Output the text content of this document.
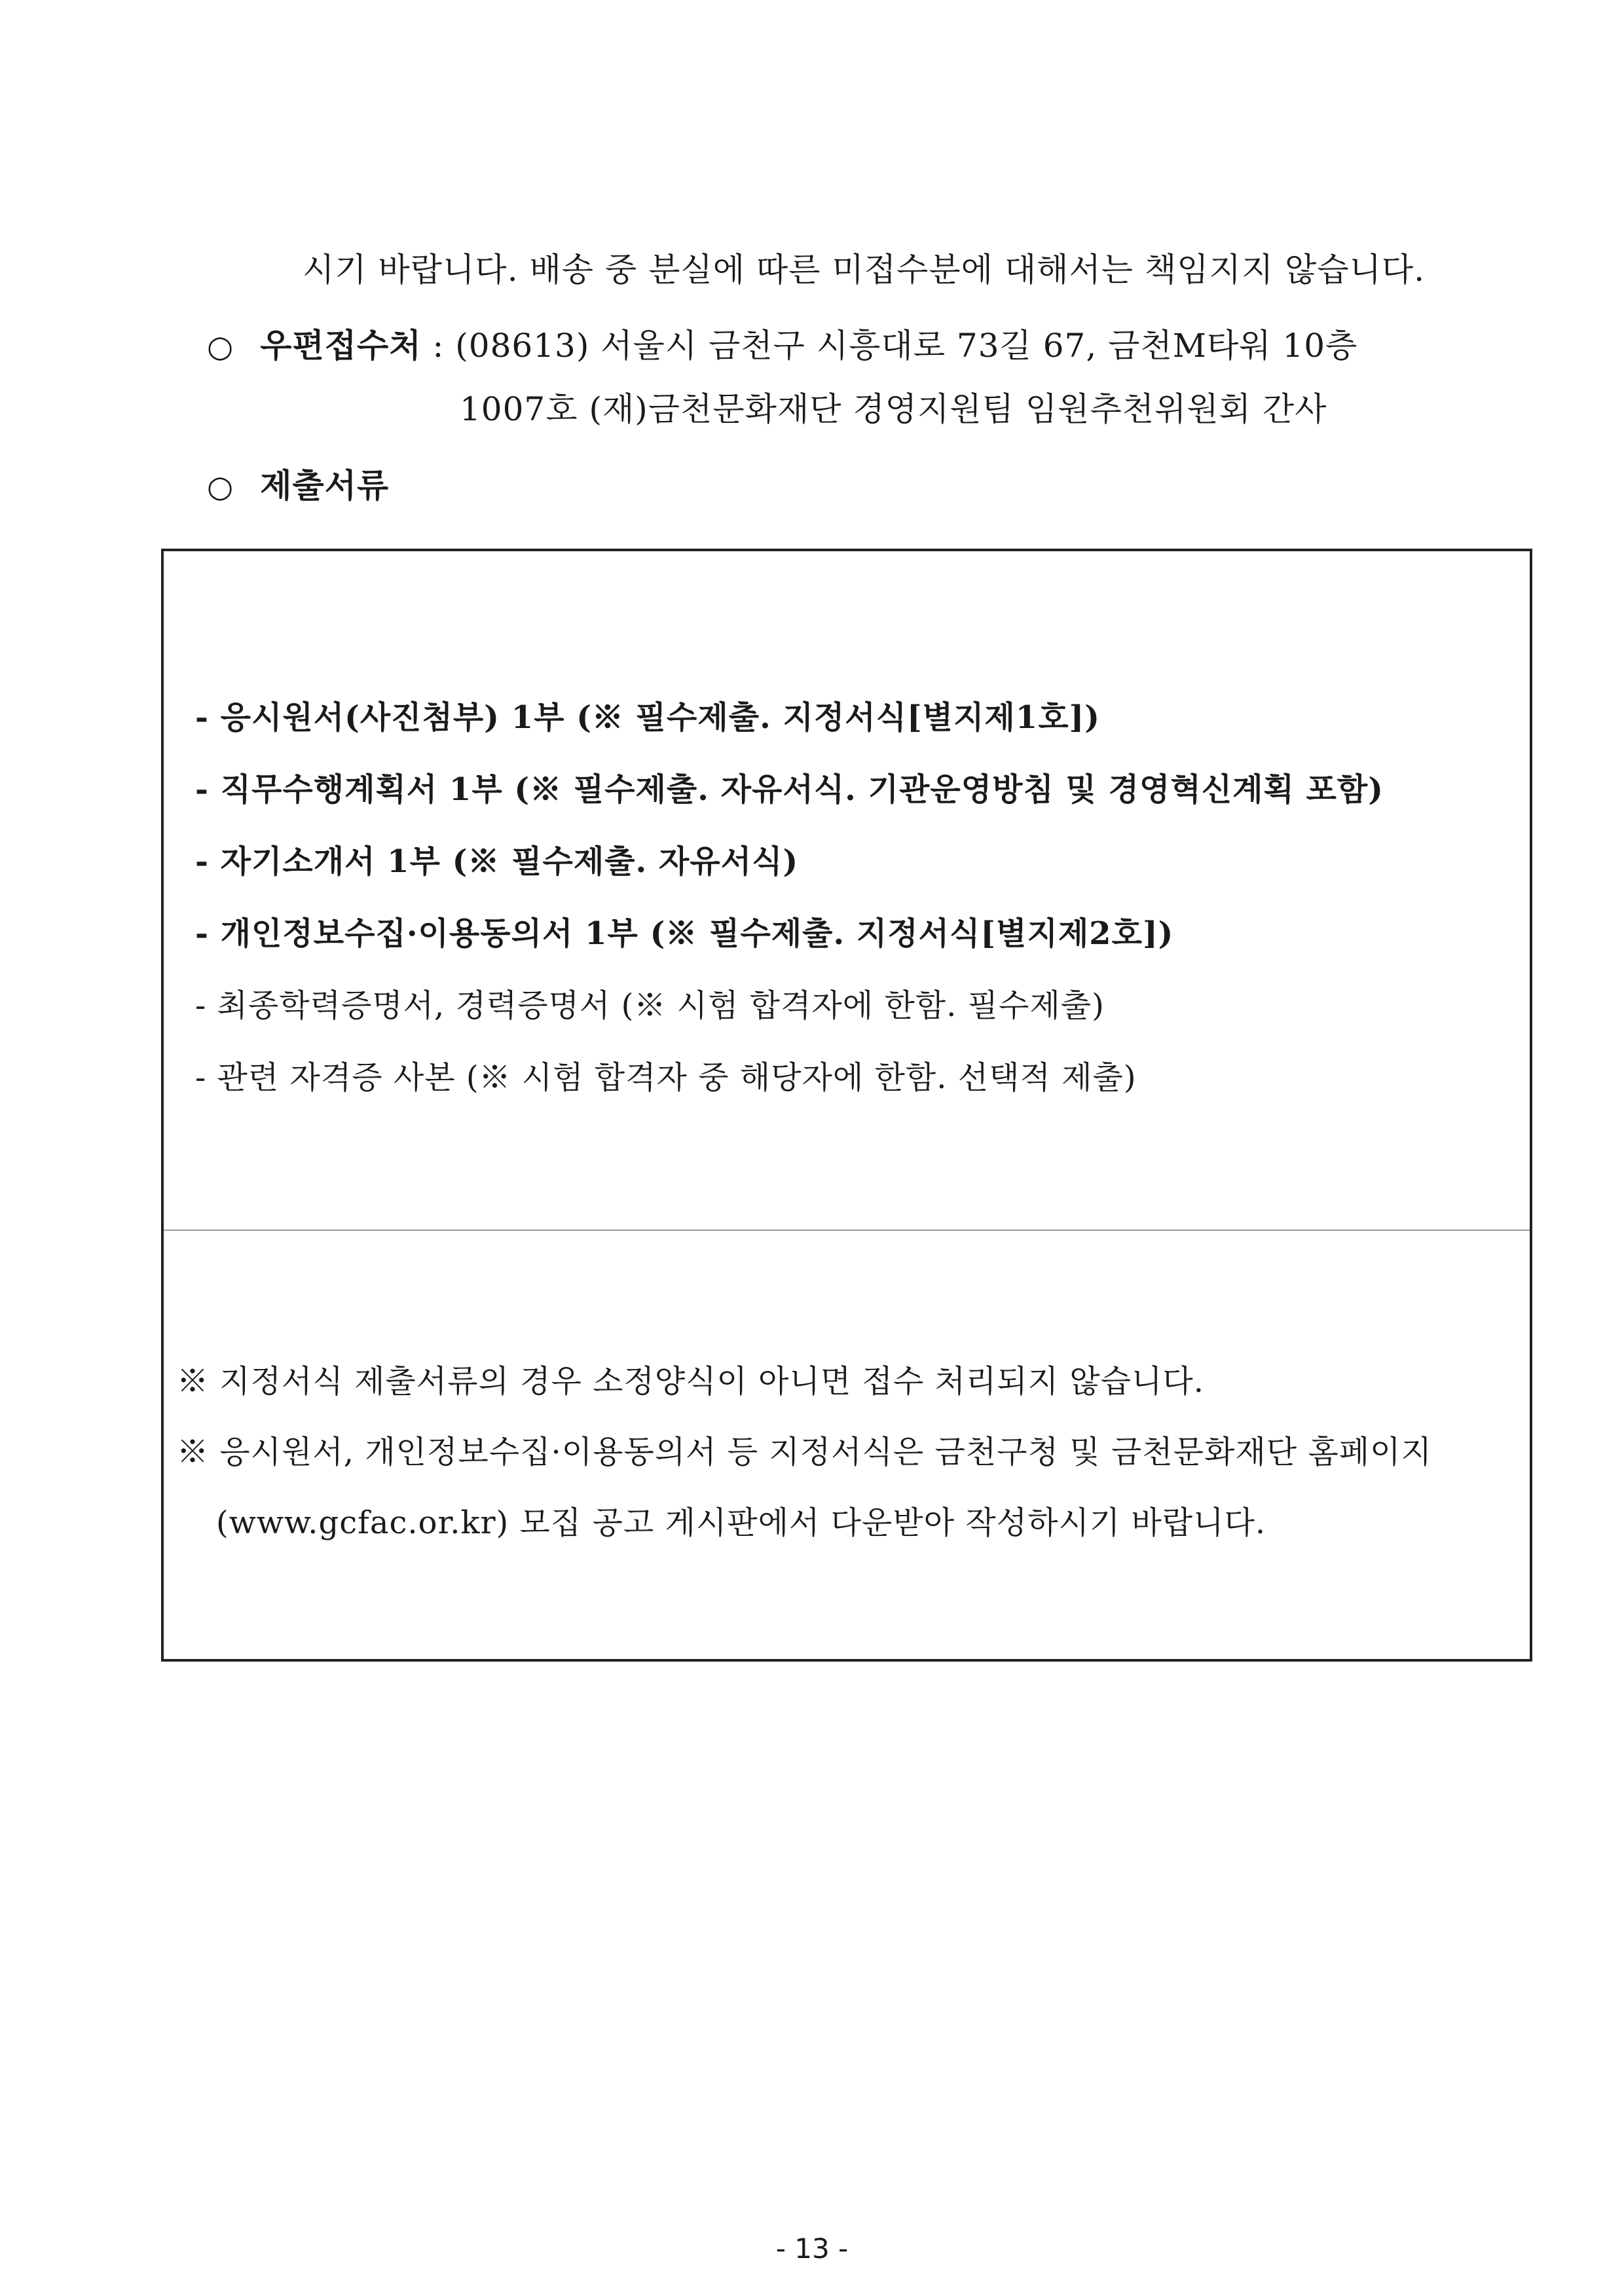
시기 바랍니다. 배송 중 분실에 따른 미접수분에 대해서는 책임지지 않습니다.
○ 우편접수처 : (08613) 서울시 금천구 시흥대로 73길 67, 금천M타워 10층
1007호 (재)금천문화재단 경영지원팀 임원추천위원회 간사
○ 제출서류
- 응시원서(사진첨부) 1부 (※ 필수제출. 지정서식[별지제1호])
- 직무수행계획서 1부 (※ 필수제출. 자유서식. 기관운영방침 및 경영혁신계획 포함)
- 자기소개서 1부 (※ 필수제출. 자유서식)
- 개인정보수집·이용동의서 1부 (※ 필수제출. 지정서식[별지제2호])
- 최종학력증명서, 경력증명서 (※ 시험 합격자에 한함. 필수제출)
- 관련 자격증 사본 (※ 시험 합격자 중 해당자에 한함. 선택적 제출)
※ 지정서식 제출서류의 경우 소정양식이 아니면 접수 처리되지 않습니다.
※ 응시원서, 개인정보수집·이용동의서 등 지정서식은 금천구청 및 금천문화재단 홈페이지
(www.gcfac.or.kr) 모집 공고 게시판에서 다운받아 작성하시기 바랍니다.
- 13 -
